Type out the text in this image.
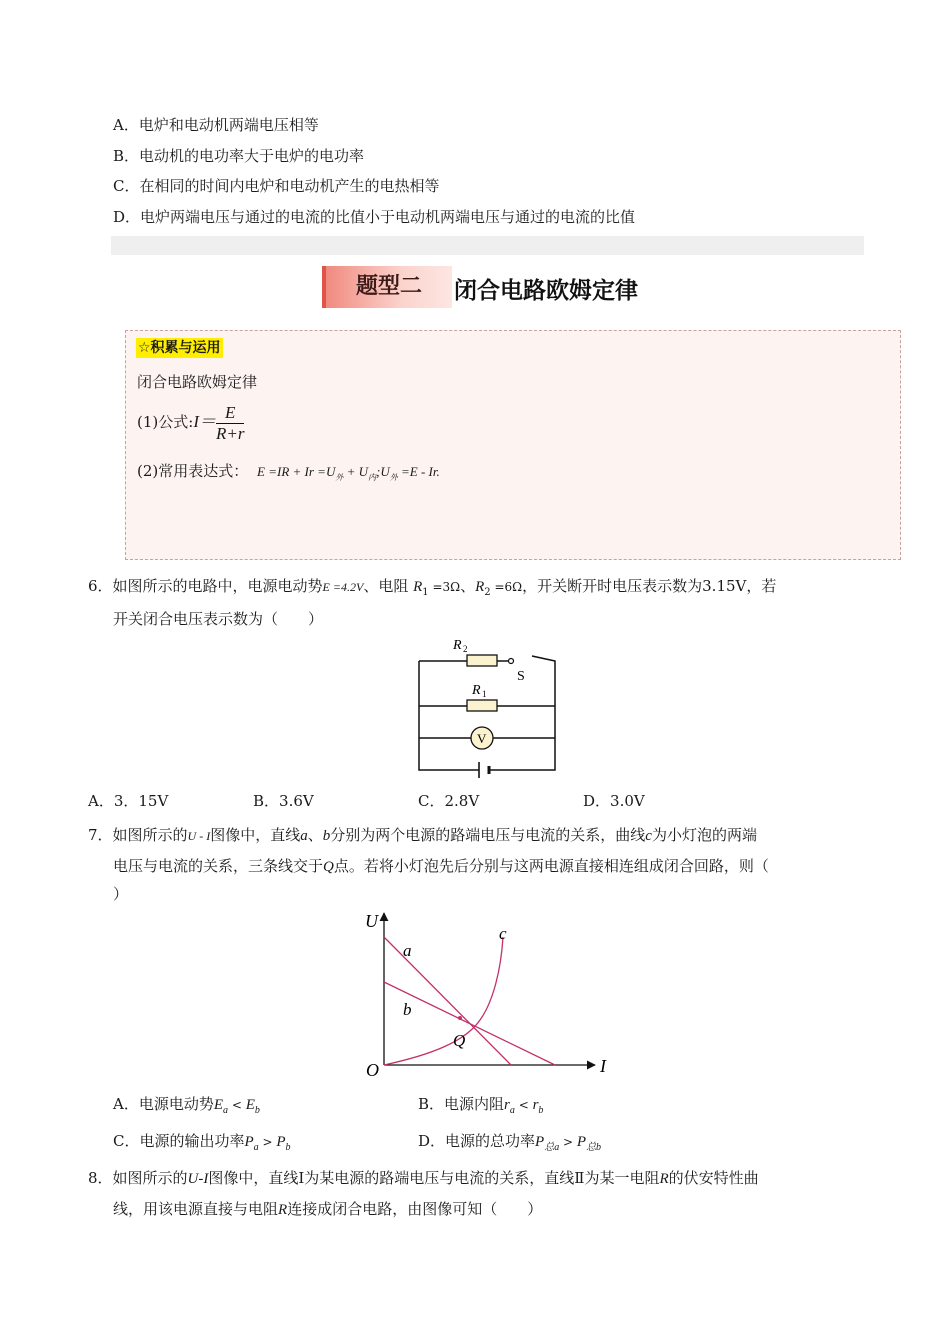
A．电炉和电动机两端电压相等
B．电动机的电功率大于电炉的电功率
C．在相同的时间内电炉和电动机产生的电热相等
D．电炉两端电压与通过的电流的比值小于电动机两端电压与通过的电流的比值
题型二	闭合电路欧姆定律
☆积累与运用
闭合电路欧姆定律
(1)公式:I＝ $\frac{E}{R+r}$
(2)常用表达式： $E =IR + Ir =U_外$ + $U_内;U_外 =E - Ir$.
6．如图所示的电路中，电源电动势E =4.2V、电阻 $R_1 =3\Omega$、$R_2 =6\Omega$，开关断开时电压表示数为3.15V，若
开关闭合电压表示数为（　　）
R 2
S
R 1
V
A．3．15V	B．3.6V	C．2.8V	D．3.0V
7．如图所示的U - I图像中，直线a、b分别为两个电源的路端电压与电流的关系，曲线c为小灯泡的两端
电压与电流的关系，三条线交于Q点。若将小灯泡先后分别与这两电源直接相连组成闭合回路，则（
）
U
I
O
a
b
c
Q
A．电源电动势$E_a < E_b$	B．电源内阻$r_a < r_b$
C．电源的输出功率$P_a > P_b$	D．电源的总功率$P_{总a} > P_{总b}$
8．如图所示的U-I图像中，直线Ⅰ为某电源的路端电压与电流的关系，直线Ⅱ为某一电阻R的伏安特性曲
线，用该电源直接与电阻R连接成闭合电路，由图像可知（　　）
